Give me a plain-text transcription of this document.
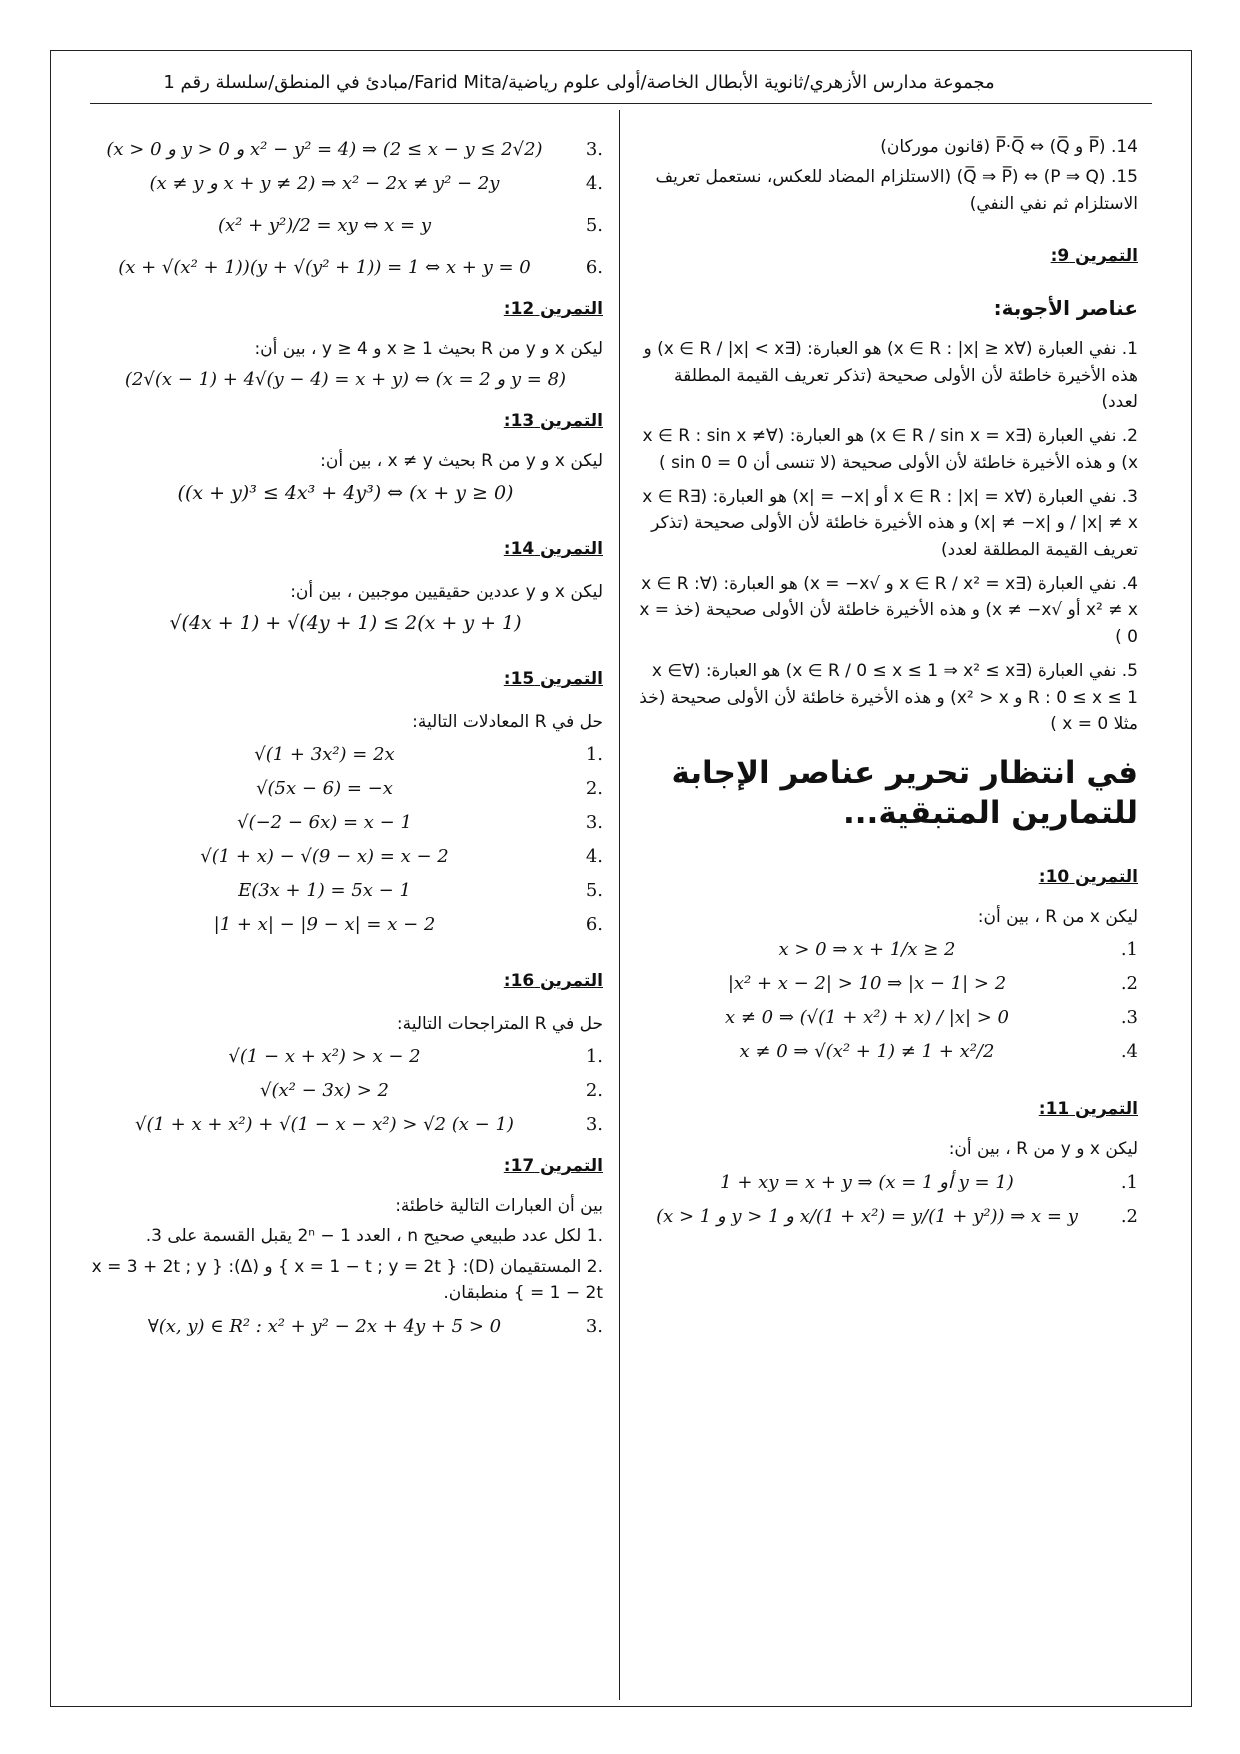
مجموعة مدارس الأزهري/ثانوية الأبطال الخاصة/أولى علوم رياضية/Farid Mita/مبادئ في المنطق/سلسلة رقم 1
14. (P̅ و Q̅) ⇔ P̅·Q̅ (قانون موركان)
15. (P ⇒ Q) ⇔ (Q̅ ⇒ P̅) (الاستلزام المضاد للعكس، نستعمل تعريف الاستلزام ثم نفي النفي)
التمرين 9:
عناصر الأجوبة:
1. نفي العبارة (∀x ∈ R : |x| ≥ x) هو العبارة: (∃x ∈ R / |x| < x) و هذه الأخيرة خاطئة لأن الأولى صحيحة (تذكر تعريف القيمة المطلقة لعدد)
2. نفي العبارة (∃x ∈ R / sin x = x) هو العبارة: (∀x ∈ R : sin x ≠ x) و هذه الأخيرة خاطئة لأن الأولى صحيحة (لا تنسى أن sin 0 = 0 )
3. نفي العبارة (∀x ∈ R : |x| = x أو |x| = −x) هو العبارة: (∃x ∈ R / |x| ≠ x و |x| ≠ −x) و هذه الأخيرة خاطئة لأن الأولى صحيحة (تذكر تعريف القيمة المطلقة لعدد)
4. نفي العبارة (∃x ∈ R / x² = x و √x = −x) هو العبارة: (∀x ∈ R : x² ≠ x أو √x ≠ −x) و هذه الأخيرة خاطئة لأن الأولى صحيحة (خذ x = 0 )
5. نفي العبارة (∃x ∈ R / 0 ≤ x ≤ 1 ⇒ x² ≤ x) هو العبارة: (∀x ∈ R : 0 ≤ x ≤ 1 و x² > x) و هذه الأخيرة خاطئة لأن الأولى صحيحة (خذ مثلا x = 0 )
في انتظار تحرير عناصر الإجابة للتمارين المتبقية...
التمرين 10:
ليكن x من R ، بين أن:
1.
x > 0 ⇒ x + 1/x ≥ 2
2.
|x² + x − 2| > 10 ⇒ |x − 1| > 2
3.
x ≠ 0 ⇒ (√(1 + x²) + x) / |x| > 0
4.
x ≠ 0 ⇒ √(x² + 1) ≠ 1 + x²/2
التمرين 11:
ليكن x و y من R ، بين أن:
1.
1 + xy = x + y ⇒ (x = 1 أو y = 1)
2.
(x > 1 و y > 1 و x/(1 + x²) = y/(1 + y²)) ⇒ x = y
.3
(x > 0 و y > 0 و x² − y² = 4) ⇒ (2 ≤ x − y ≤ 2√2)
.4
(x ≠ y و x + y ≠ 2) ⇒ x² − 2x ≠ y² − 2y
.5
(x² + y²)/2 = xy ⇔ x = y
.6
(x + √(x² + 1))(y + √(y² + 1)) = 1 ⇔ x + y = 0
التمرين 12:
ليكن x و y من R بحيث x ≥ 1 و y ≥ 4 ، بين أن:
(2√(x − 1) + 4√(y − 4) = x + y) ⇔ (x = 2 و y = 8)
التمرين 13:
ليكن x و y من R بحيث x ≠ y ، بين أن:
((x + y)³ ≤ 4x³ + 4y³) ⇔ (x + y ≥ 0)
التمرين 14:
ليكن x و y عددين حقيقيين موجبين ، بين أن:
√(4x + 1) + √(4y + 1) ≤ 2(x + y + 1)
التمرين 15:
حل في R المعادلات التالية:
.1
√(1 + 3x²) = 2x
.2
√(5x − 6) = −x
.3
√(−2 − 6x) = x − 1
.4
√(1 + x) − √(9 − x) = x − 2
.5
E(3x + 1) = 5x − 1
.6
|1 + x| − |9 − x| = x − 2
التمرين 16:
حل في R المتراجحات التالية:
.1
√(1 − x + x²) > x − 2
.2
√(x² − 3x) > 2
.3
√(1 + x + x²) + √(1 − x − x²) > √2 (x − 1)
التمرين 17:
بين أن العبارات التالية خاطئة:
.1 لكل عدد طبيعي صحيح n ، العدد 2ⁿ − 1 يقبل القسمة على 3.
.2 المستقيمان (D): { x = 1 − t ; y = 2t } و (Δ): { x = 3 + 2t ; y = 1 − 2t } منطبقان.
.3
∀(x, y) ∈ R² : x² + y² − 2x + 4y + 5 > 0
